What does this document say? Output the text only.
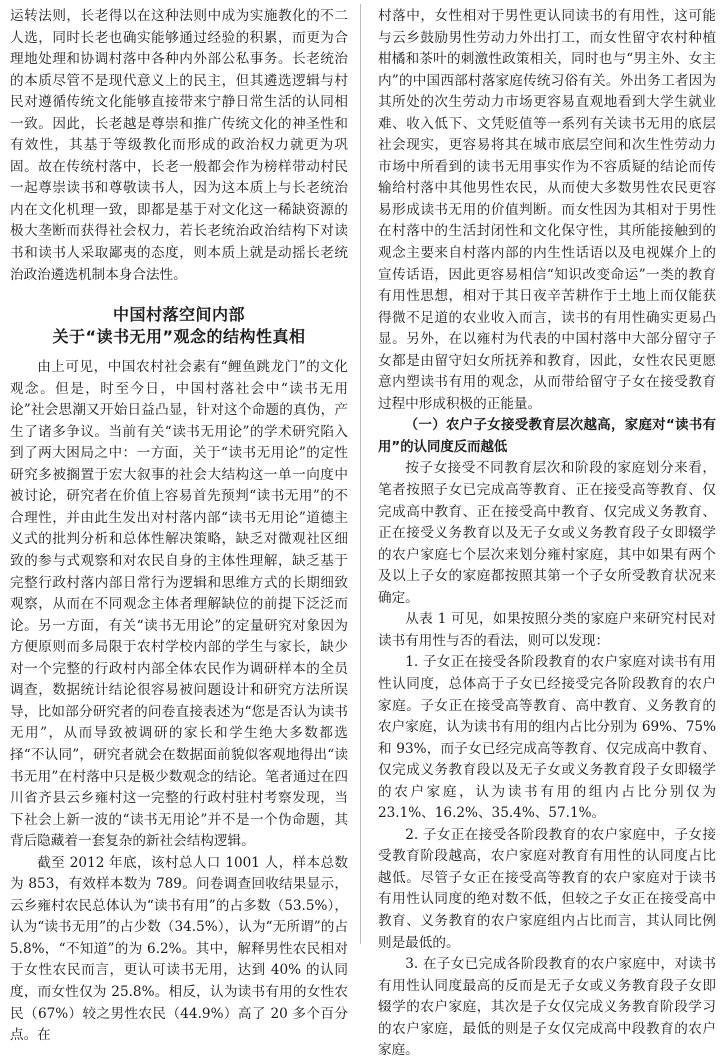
运转法则，长老得以在这种法则中成为实施教化的不二人选，同时长老也确实能够通过经验的积累，而更为合理地处理和协调村落中各种内外部公私事务。长老统治的本质尽管不是现代意义上的民主，但其遴选逻辑与村民对遵循传统文化能够直接带来宁静日常生活的认同相一致。因此，长老越是尊崇和推广传统文化的神圣性和有效性，其基于等级教化而形成的政治权力就更为巩固。故在传统村落中，长老一般都会作为榜样带动村民一起尊崇读书和尊敬读书人，因为这本质上与长老统治内在文化机理一致，即都是基于对文化这一稀缺资源的极大垄断而获得社会权力，若长老统治政治结构下对读书和读书人采取鄙夷的态度，则本质上就是动摇长老统治政治遴选机制本身合法性。

中国村落空间内部
关于“读书无用”观念的结构性真相

由上可见，中国农村社会素有“鲤鱼跳龙门”的文化观念。但是，时至今日，中国村落社会中“读书无用论”社会思潮又开始日益凸显，针对这个命题的真伪，产生了诸多争议。当前有关“读书无用论”的学术研究陷入到了两大困局之中：一方面，关于“读书无用论”的定性研究多被搁置于宏大叙事的社会大结构这一单一向度中被讨论，研究者在价值上容易首先预判“读书无用”的不合理性，并由此生发出对村落内部“读书无用论”道德主义式的批判分析和总体性解决策略，缺乏对微观社区细致的参与式观察和对农民自身的主体性理解，缺乏基于完整行政村落内部日常行为逻辑和思维方式的长期细致观察，从而在不同观念主体者理解缺位的前提下泛泛而论。另一方面，有关“读书无用论”的定量研究对象因为方便原则而多局限于农村学校内部的学生与家长，缺少对一个完整的行政村内部全体农民作为调研样本的全员调查，数据统计结论很容易被问题设计和研究方法所误导，比如部分研究者的问卷直接表述为“您是否认为读书无用”，从而导致被调研的家长和学生绝大多数都选择“不认同”，研究者就会在数据面前貌似客观地得出“读书无用”在村落中只是极少数观念的结论。笔者通过在四川省齐县云乡雍村这一完整的行政村驻村考察发现，当下社会上新一波的“读书无用论”并不是一个伪命题，其背后隐藏着一套复杂的新社会结构逻辑。

截至 2012 年底，该村总人口 1001 人，样本总数为 853，有效样本数为 789。问卷调查回收结果显示，云乡雍村农民总体认为“读书有用”的占多数（53.5%），认为“读书无用”的占少数（34.5%），认为“无所谓”的占 5.8%，“不知道”的为 6.2%。其中，解释男性农民相对于女性农民而言，更认可读书无用，达到 40% 的认同度，而女性仅为 25.8%。相反，认为读书有用的女性农民（67%）较之男性农民（44.9%）高了 20 多个百分点。在

村落中，女性相对于男性更认同读书的有用性，这可能与云乡鼓励男性劳动力外出打工，而女性留守农村种植柑橘和茶叶的刺激性政策相关，同时也与“男主外、女主内”的中国西部村落家庭传统习俗有关。外出务工者因为其所处的次生劳动力市场更容易直观地看到大学生就业难、收入低下、文凭贬值等一系列有关读书无用的底层社会现实，更容易将其在城市底层空间和次生性劳动力市场中所看到的读书无用事实作为不容质疑的结论而传输给村落中其他男性农民，从而使大多数男性农民更容易形成读书无用的价值判断。而女性因为其相对于男性在村落中的生活封闭性和文化保守性，其所能接触到的观念主要来自村落内部的内生性话语以及电视媒介上的宣传话语，因此更容易相信“知识改变命运”一类的教育有用性思想，相对于其日夜辛苦耕作于土地上而仅能获得微不足道的农业收入而言，读书的有用性确实更易凸显。另外，在以雍村为代表的中国村落中大部分留守子女都是由留守妇女所抚养和教育，因此，女性农民更愿意内塑读书有用的观念，从而带给留守子女在接受教育过程中形成积极的正能量。

（一）农户子女接受教育层次越高，家庭对“读书有用”的认同度反而越低

按子女接受不同教育层次和阶段的家庭划分来看，笔者按照子女已完成高等教育、正在接受高等教育、仅完成高中教育、正在接受高中教育、仅完成义务教育、正在接受义务教育以及无子女或义务教育段子女即辍学的农户家庭七个层次来划分雍村家庭，其中如果有两个及以上子女的家庭都按照其第一个子女所受教育状况来确定。

从表 1 可见，如果按照分类的家庭户来研究村民对读书有用性与否的看法，则可以发现：

1. 子女正在接受各阶段教育的农户家庭对读书有用性认同度，总体高于子女已经接受完各阶段教育的农户家庭。子女正在接受高等教育、高中教育、义务教育的农户家庭，认为读书有用的组内占比分别为 69%、75% 和 93%，而子女已经完成高等教育、仅完成高中教育、仅完成义务教育段以及无子女或义务教育段子女即辍学的农户家庭，认为读书有用的组内占比分别仅为 23.1%、16.2%、35.4%、57.1%。

2. 子女正在接受各阶段教育的农户家庭中，子女接受教育阶段越高，农户家庭对教育有用性的认同度占比越低。尽管子女正在接受高等教育的农户家庭对于读书有用性认同度的绝对数不低，但较之子女正在接受高中教育、义务教育的农户家庭组内占比而言，其认同比例则是最低的。

3. 在子女已完成各阶段教育的农户家庭中，对读书有用性认同度最高的反而是无子女或义务教育段子女即辍学的农户家庭，其次是子女仅完成义务教育阶段学习的农户家庭，最低的则是子女仅完成高中段教育的农户家庭。
